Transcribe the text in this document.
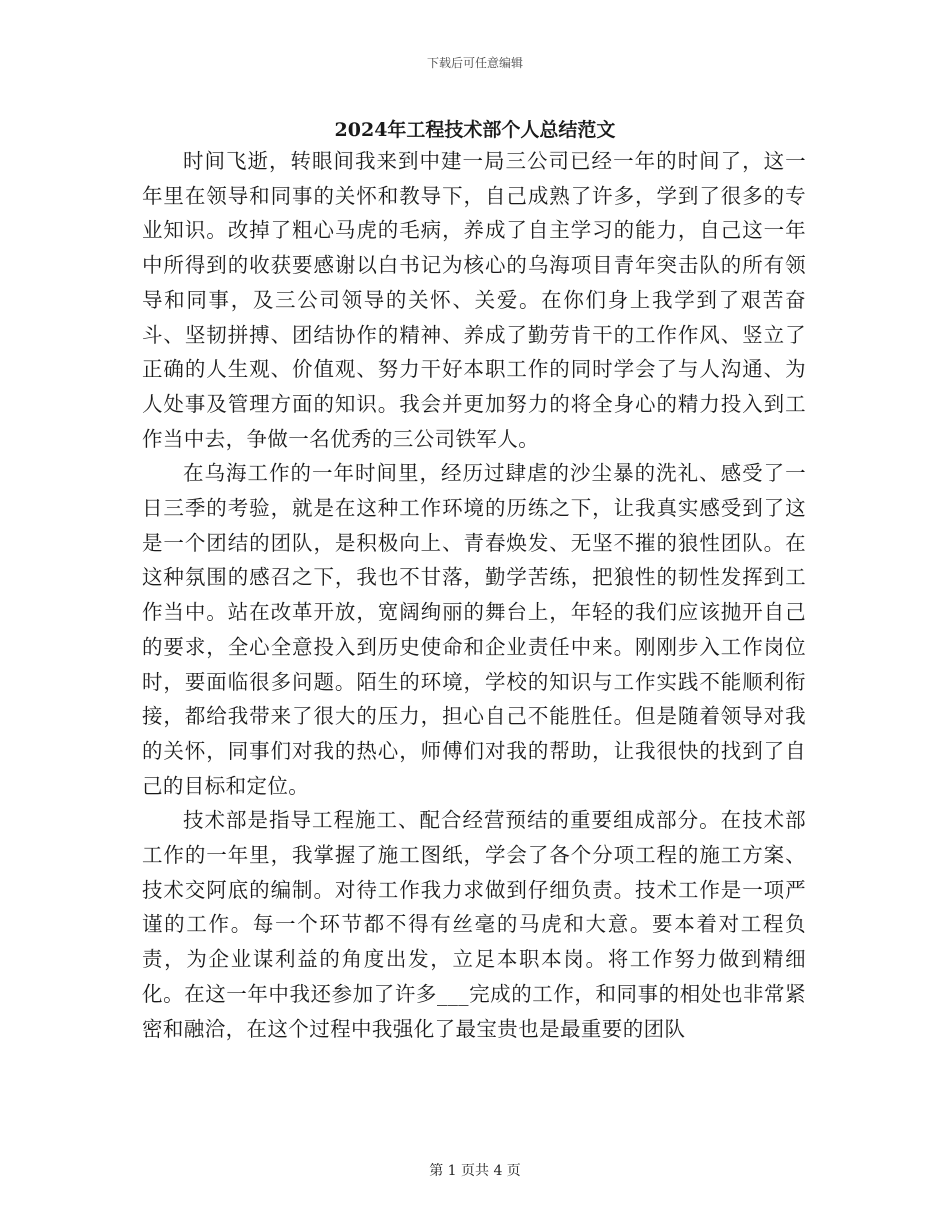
下载后可任意编辑
2024年工程技术部个人总结范文

时间飞逝，转眼间我来到中建一局三公司已经一年的时间了，这一年里在领导和同事的关怀和教导下，自己成熟了许多，学到了很多的专业知识。改掉了粗心马虎的毛病，养成了自主学习的能力，自己这一年中所得到的收获要感谢以白书记为核心的乌海项目青年突击队的所有领导和同事，及三公司领导的关怀、关爱。在你们身上我学到了艰苦奋斗、坚韧拼搏、团结协作的精神、养成了勤劳肯干的工作作风、竖立了正确的人生观、价值观、努力干好本职工作的同时学会了与人沟通、为人处事及管理方面的知识。我会并更加努力的将全身心的精力投入到工作当中去，争做一名优秀的三公司铁军人。

在乌海工作的一年时间里，经历过肆虐的沙尘暴的洗礼、感受了一日三季的考验，就是在这种工作环境的历练之下，让我真实感受到了这是一个团结的团队，是积极向上、青春焕发、无坚不摧的狼性团队。在这种氛围的感召之下，我也不甘落，勤学苦练，把狼性的韧性发挥到工作当中。站在改革开放，宽阔绚丽的舞台上，年轻的我们应该抛开自己的要求，全心全意投入到历史使命和企业责任中来。刚刚步入工作岗位时，要面临很多问题。陌生的环境，学校的知识与工作实践不能顺利衔接，都给我带来了很大的压力，担心自己不能胜任。但是随着领导对我的关怀，同事们对我的热心，师傅们对我的帮助，让我很快的找到了自己的目标和定位。

技术部是指导工程施工、配合经营预结的重要组成部分。在技术部工作的一年里，我掌握了施工图纸，学会了各个分项工程的施工方案、技术交阿底的编制。对待工作我力求做到仔细负责。技术工作是一项严谨的工作。每一个环节都不得有丝毫的马虎和大意。要本着对工程负责，为企业谋利益的角度出发，立足本职本岗。将工作努力做到精细化。在这一年中我还参加了许多___完成的工作，和同事的相处也非常紧密和融洽，在这个过程中我强化了最宝贵也是最重要的团队

第 1 页共 4 页
